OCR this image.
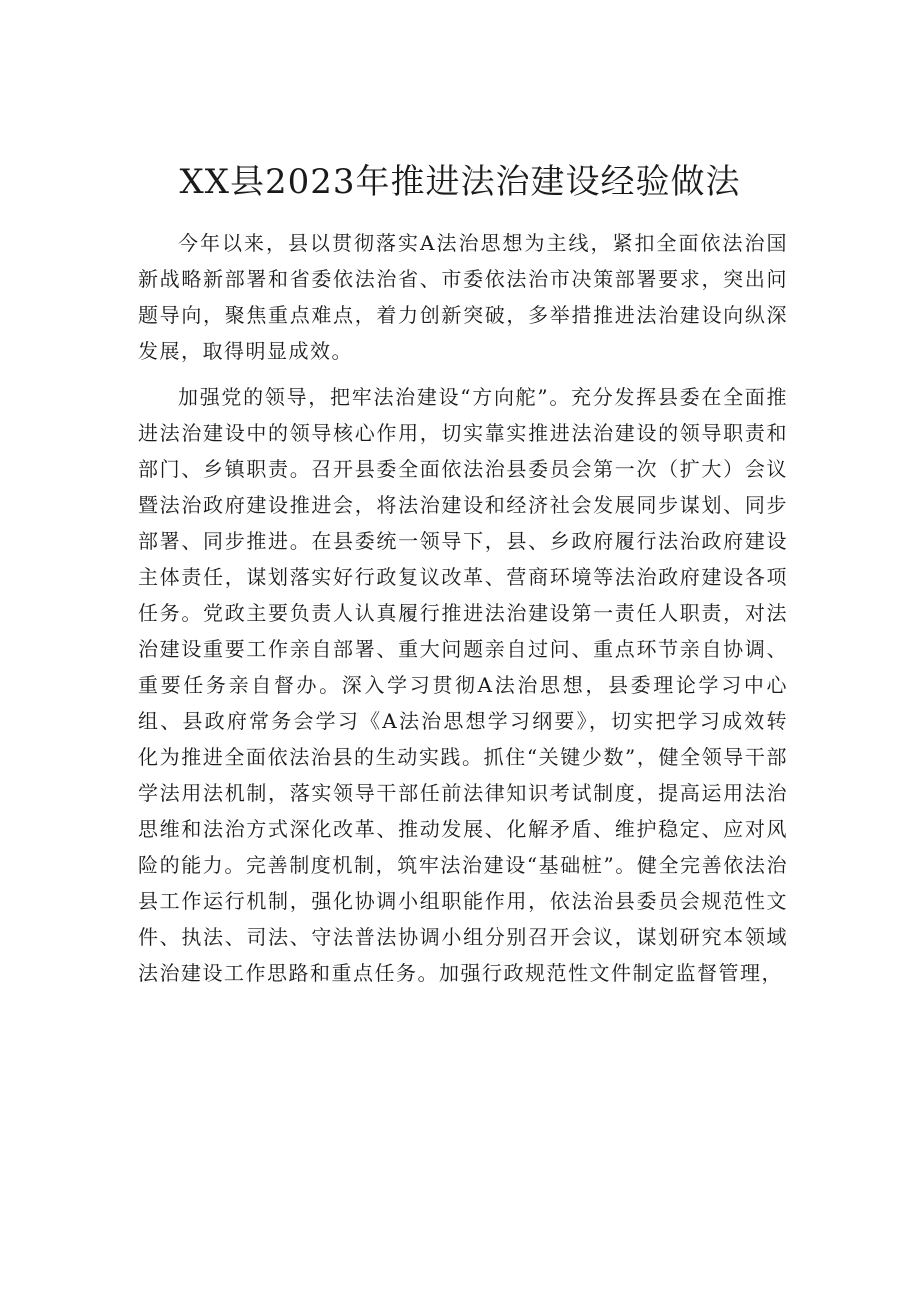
XX县2023年推进法治建设经验做法

今年以来，县以贯彻落实A法治思想为主线，紧扣全面依法治国新战略新部署和省委依法治省、市委依法治市决策部署要求，突出问题导向，聚焦重点难点，着力创新突破，多举措推进法治建设向纵深发展，取得明显成效。

加强党的领导，把牢法治建设“方向舵”。充分发挥县委在全面推进法治建设中的领导核心作用，切实靠实推进法治建设的领导职责和部门、乡镇职责。召开县委全面依法治县委员会第一次（扩大）会议暨法治政府建设推进会，将法治建设和经济社会发展同步谋划、同步部署、同步推进。在县委统一领导下，县、乡政府履行法治政府建设主体责任，谋划落实好行政复议改革、营商环境等法治政府建设各项任务。党政主要负责人认真履行推进法治建设第一责任人职责，对法治建设重要工作亲自部署、重大问题亲自过问、重点环节亲自协调、重要任务亲自督办。深入学习贯彻A法治思想，县委理论学习中心组、县政府常务会学习《A法治思想学习纲要》，切实把学习成效转化为推进全面依法治县的生动实践。抓住“关键少数”，健全领导干部学法用法机制，落实领导干部任前法律知识考试制度，提高运用法治思维和法治方式深化改革、推动发展、化解矛盾、维护稳定、应对风险的能力。完善制度机制，筑牢法治建设“基础桩”。健全完善依法治县工作运行机制，强化协调小组职能作用，依法治县委员会规范性文件、执法、司法、守法普法协调小组分别召开会议，谋划研究本领域法治建设工作思路和重点任务。加强行政规范性文件制定监督管理，
